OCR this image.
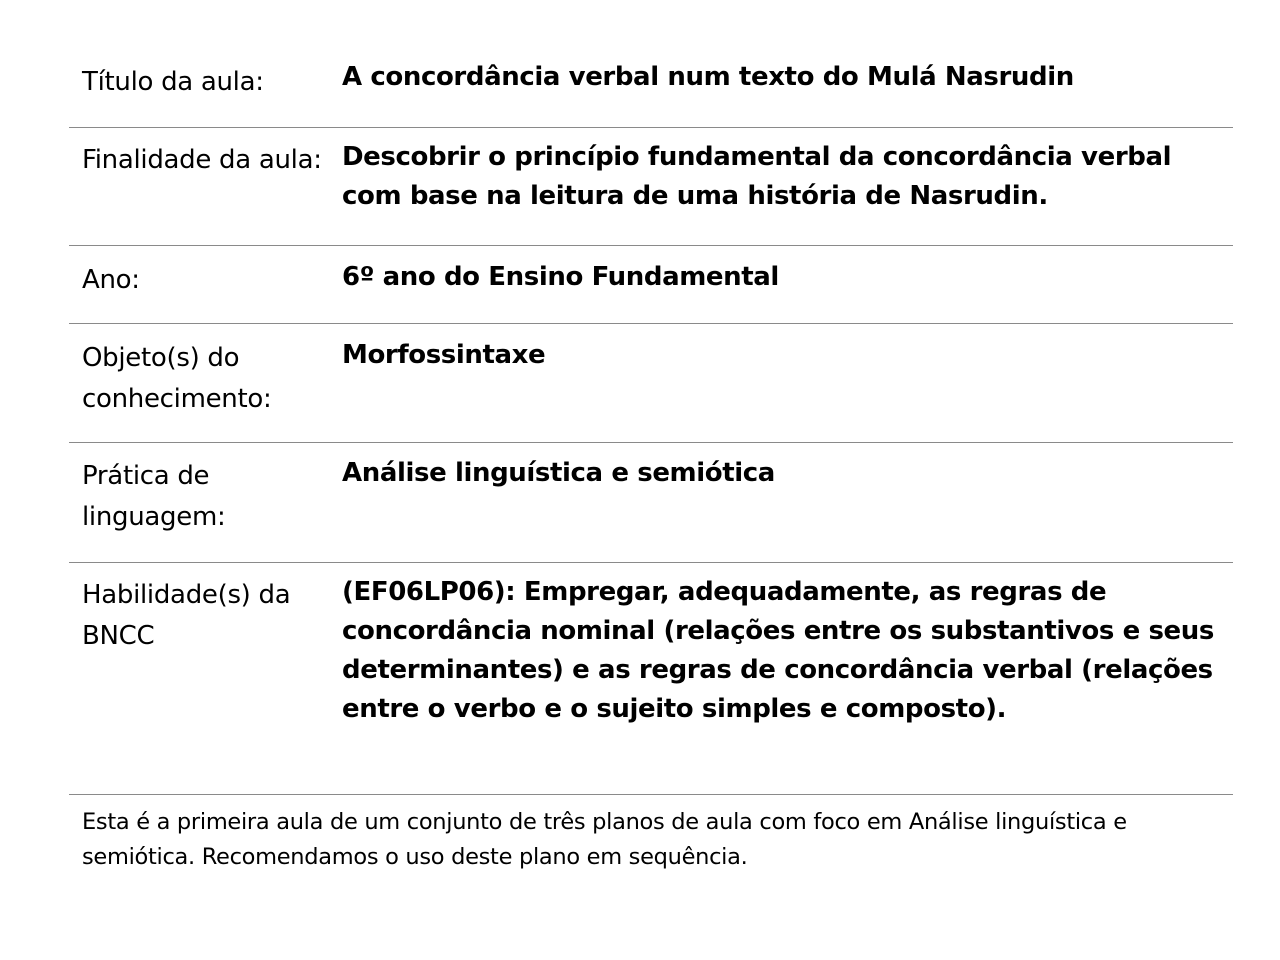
Título da aula:	A concordância verbal num texto do Mulá Nasrudin
Finalidade da aula: Descobrir o princípio fundamental da concordância verbal com base na leitura de uma história de Nasrudin.
Ano:	6º ano do Ensino Fundamental
Objeto(s) do conhecimento:
Morfossintaxe
Prática de linguagem:
Análise linguística e semiótica
Habilidade(s) da BNCC
(EF06LP06): Empregar, adequadamente, as regras de concordância nominal (relações entre os substantivos e seus determinantes) e as regras de concordância verbal (relações entre o verbo e o sujeito simples e composto).
Esta é a primeira aula de um conjunto de três planos de aula com foco em Análise linguística e semiótica. Recomendamos o uso deste plano em sequência.
